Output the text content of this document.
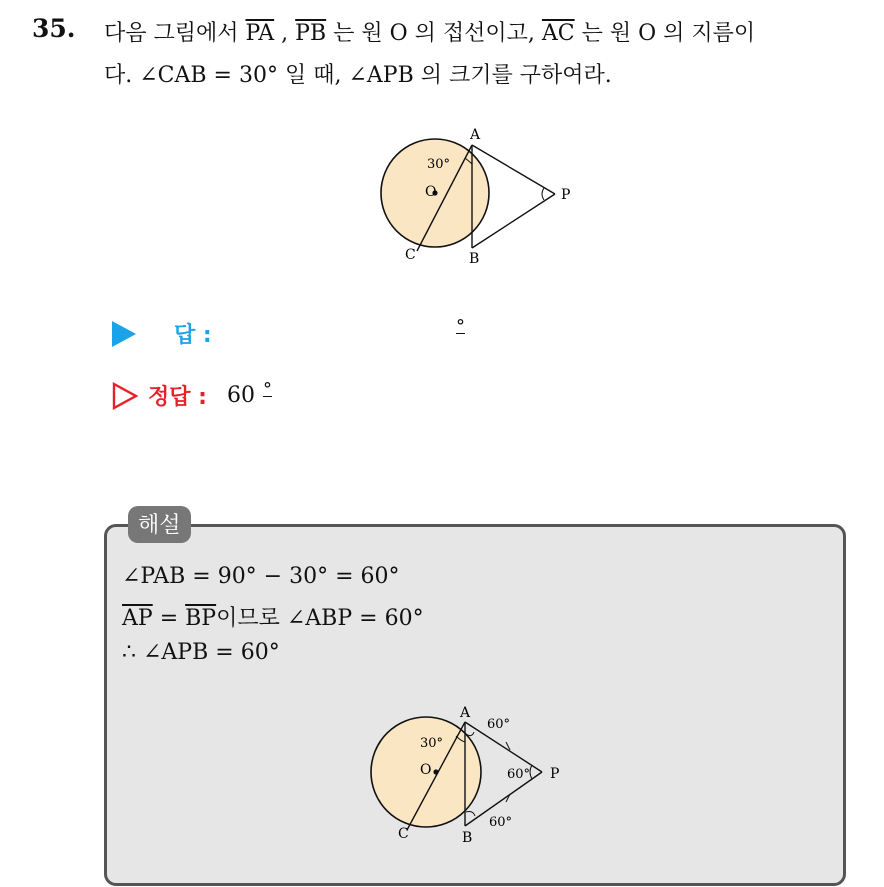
35. 다음 그림에서 $\overline{PA}$ , $\overline{PB}$ 는 원 O 의 접선이고, $\overline{AC}$ 는 원 O 의 지름이
다. ∠CAB = 30° 일 때, ∠APB 의 크기를 구하여라.
A
B
C
O	P
30°
답 :	°
정답 : 60 °
해설
∠PAB = 90° − 30° = 60°
$\overline{AP} = \overline{BP}$이므로 ∠ABP = 60°
∴ ∠APB = 60°
A
B
C
O	P
30°
60°
60°
60°
